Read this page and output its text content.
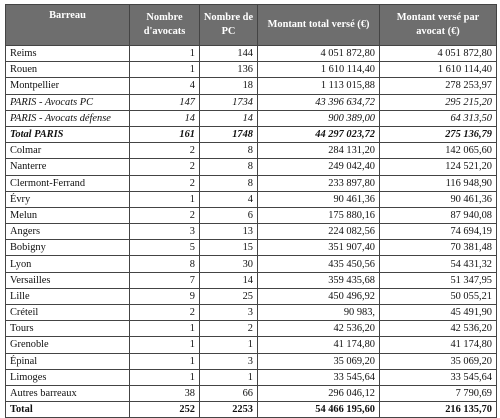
Barreau	Nombre d'avocats	Nombre de PC	Montant total versé (€)	Montant versé par avocat (€)
Reims	1	144	4 051 872,80	4 051 872,80
Rouen	1	136	1 610 114,40	1 610 114,40
Montpellier	4	18	1 113 015,88	278 253,97
PARIS - Avocats PC	147	1734	43 396 634,72	295 215,20
PARIS - Avocats défense	14	14	900 389,00	64 313,50
Total PARIS	161	1748	44 297 023,72	275 136,79
Colmar	2	8	284 131,20	142 065,60
Nanterre	2	8	249 042,40	124 521,20
Clermont-Ferrand	2	8	233 897,80	116 948,90
Évry	1	4	90 461,36	90 461,36
Melun	2	6	175 880,16	87 940,08
Angers	3	13	224 082,56	74 694,19
Bobigny	5	15	351 907,40	70 381,48
Lyon	8	30	435 450,56	54 431,32
Versailles	7	14	359 435,68	51 347,95
Lille	9	25	450 496,92	50 055,21
Créteil	2	3	90 983,	45 491,90
Tours	1	2	42 536,20	42 536,20
Grenoble	1	1	41 174,80	41 174,80
Épinal	1	3	35 069,20	35 069,20
Limoges	1	1	33 545,64	33 545,64
Autres barreaux	38	66	296 046,12	7 790,69
Total	252	2253	54 466 195,60	216 135,70
